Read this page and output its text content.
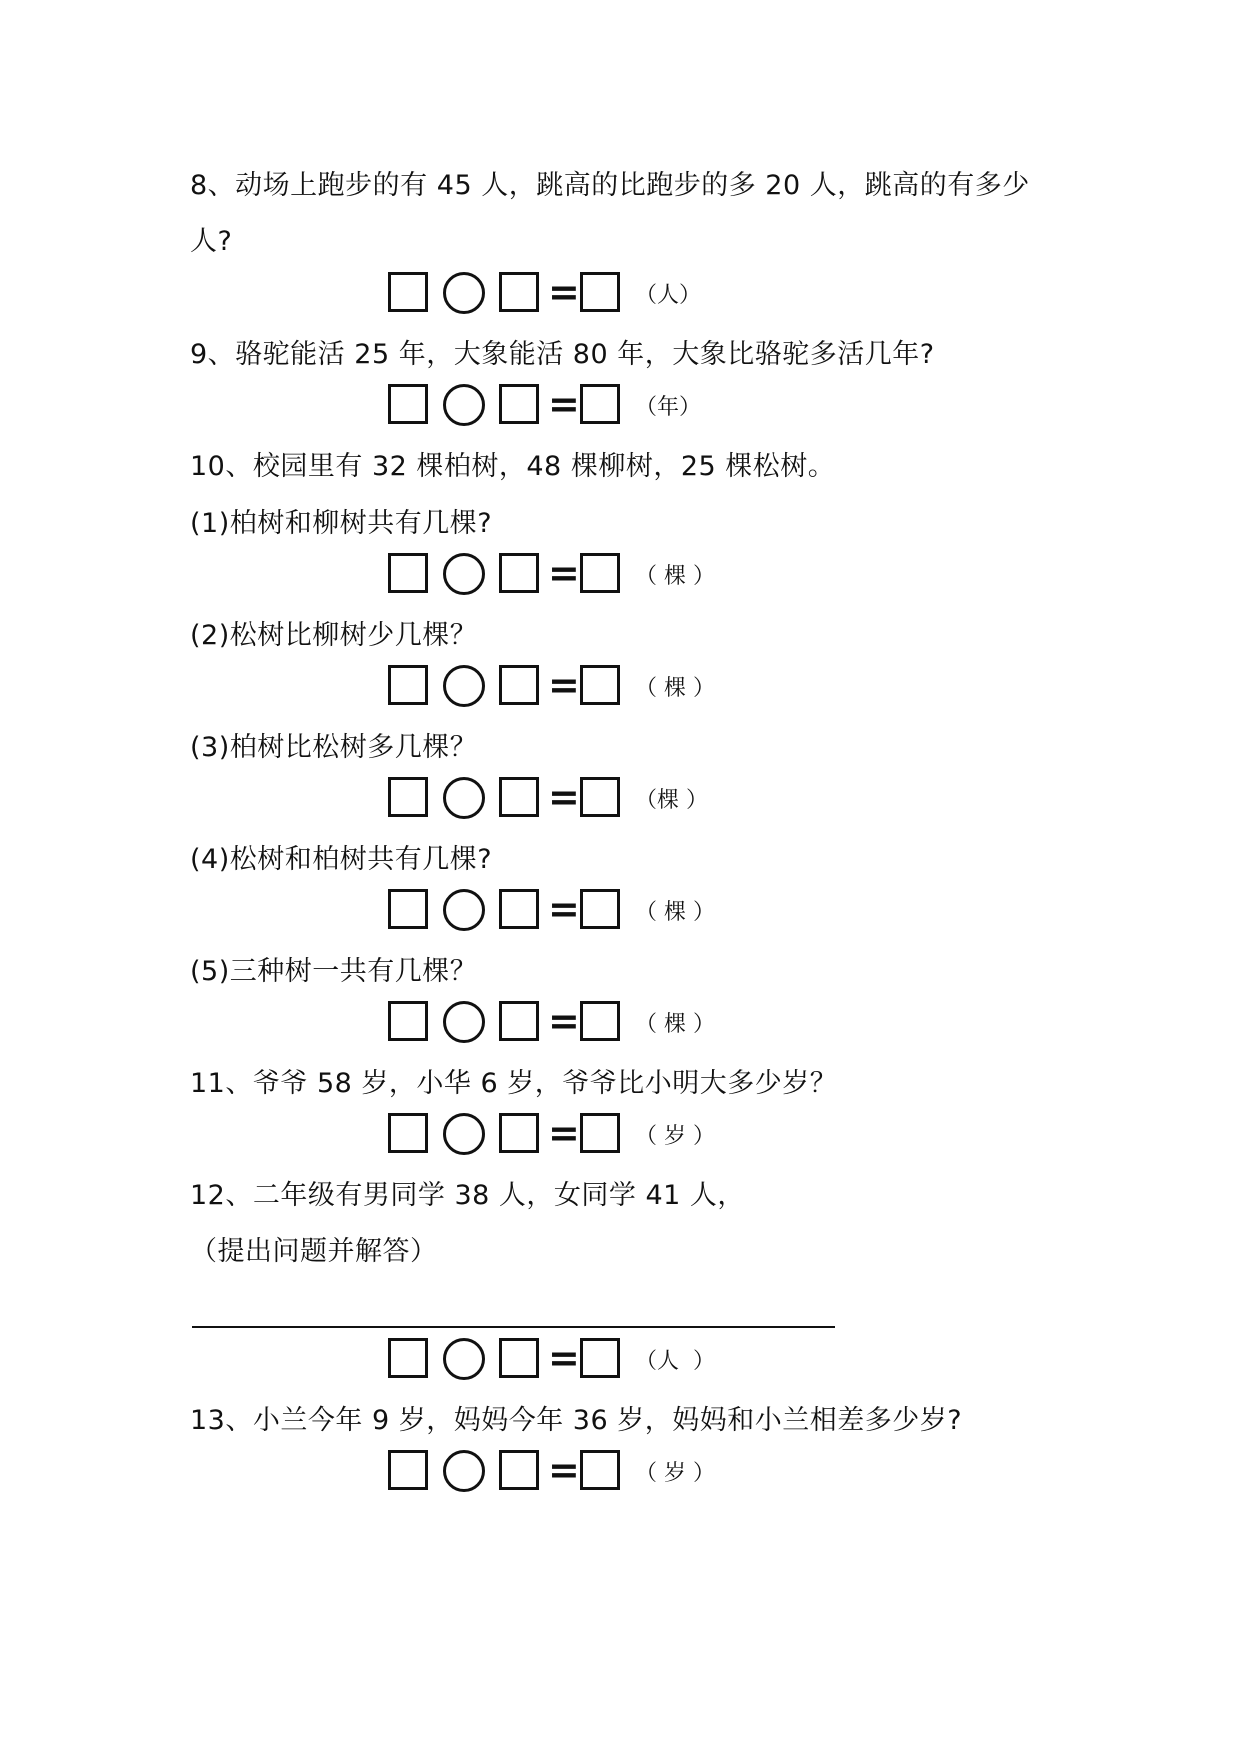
8、动场上跑步的有 45 人，跳高的比跑步的多 20 人，跳高的有多少
人?
=	（人）
9、骆驼能活 25 年，大象能活 80 年，大象比骆驼多活几年?
=	（年）
10、校园里有 32 棵柏树，48 棵柳树，25 棵松树。
(1)柏树和柳树共有几棵?
=	（ 棵 ）
(2)松树比柳树少几棵？
=	（ 棵 ）
(3)柏树比松树多几棵？
=	（棵 ）
(4)松树和柏树共有几棵?
=	（ 棵 ）
(5)三种树一共有几棵？
=	（ 棵 ）
11、爷爷 58 岁，小华 6 岁，爷爷比小明大多少岁？
=	（ 岁 ）
12、二年级有男同学 38 人，女同学 41 人，
（提出问题并解答）
=	（人  ）
13、小兰今年 9 岁，妈妈今年 36 岁，妈妈和小兰相差多少岁?
=	（ 岁 ）
